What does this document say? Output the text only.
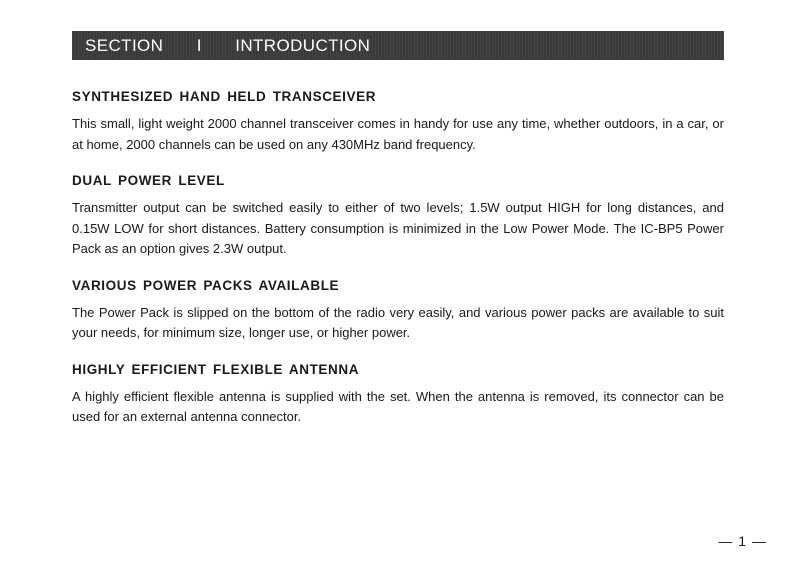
SECTION   I   INTRODUCTION
SYNTHESIZED HAND HELD TRANSCEIVER

This small, light weight 2000 channel transceiver comes in handy for use any time, whether outdoors, in a car, or at home, 2000 channels can be used on any 430MHz band frequency.

DUAL POWER LEVEL

Transmitter output can be switched easily to either of two levels; 1.5W output HIGH for long distances, and 0.15W LOW for short distances. Battery consumption is minimized in the Low Power Mode. The IC-BP5 Power Pack as an option gives 2.3W output.

VARIOUS POWER PACKS AVAILABLE

The Power Pack is slipped on the bottom of the radio very easily, and various power packs are available to suit your needs, for minimum size, longer use, or higher power.

HIGHLY EFFICIENT FLEXIBLE ANTENNA

A highly efficient flexible antenna is supplied with the set. When the antenna is removed, its connector can be used for an external antenna connector.

— 1 —
